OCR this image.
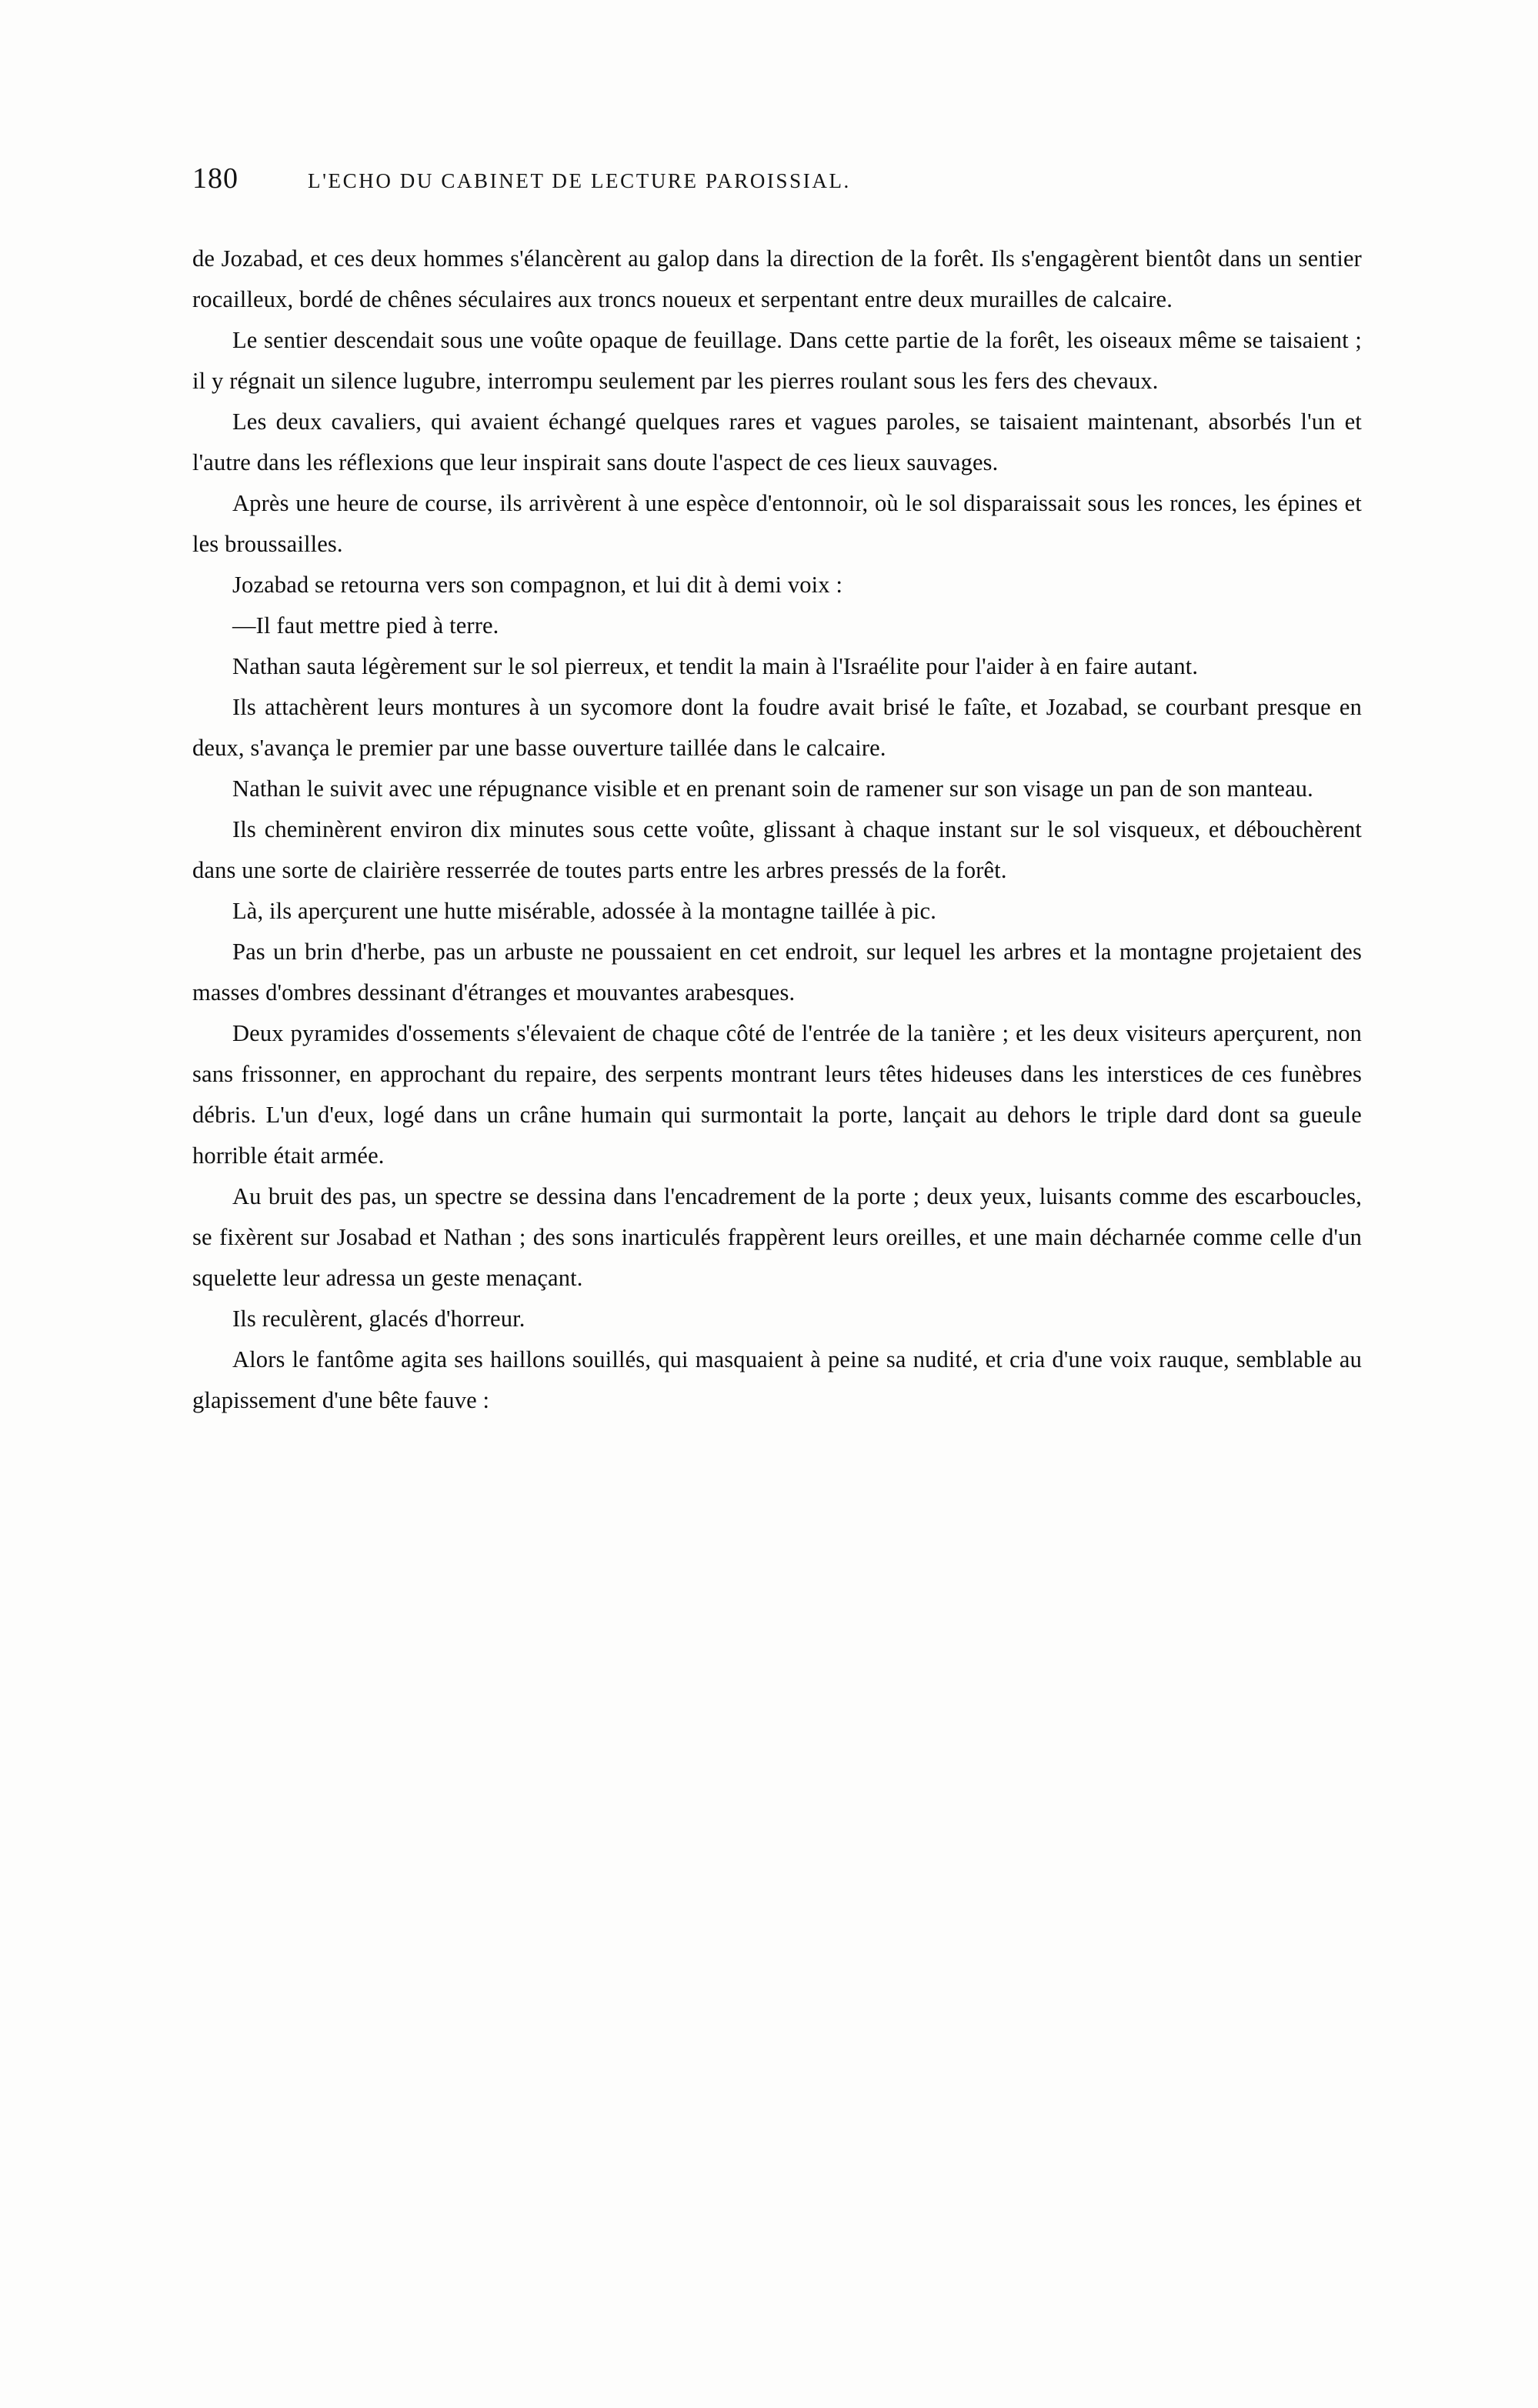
180	L'ECHO DU CABINET DE LECTURE PAROISSIAL.

de Jozabad, et ces deux hommes s'élancèrent au galop dans la direction de la forêt. Ils s'engagèrent bientôt dans un sentier rocailleux, bordé de chênes séculaires aux troncs noueux et serpentant entre deux murailles de calcaire.

Le sentier descendait sous une voûte opaque de feuillage. Dans cette partie de la forêt, les oiseaux même se taisaient ; il y régnait un silence lugubre, interrompu seulement par les pierres roulant sous les fers des chevaux.

Les deux cavaliers, qui avaient échangé quelques rares et vagues paroles, se taisaient maintenant, absorbés l'un et l'autre dans les réflexions que leur inspirait sans doute l'aspect de ces lieux sauvages.

Après une heure de course, ils arrivèrent à une espèce d'entonnoir, où le sol disparaissait sous les ronces, les épines et les broussailles.

Jozabad se retourna vers son compagnon, et lui dit à demi voix :

—Il faut mettre pied à terre.

Nathan sauta légèrement sur le sol pierreux, et tendit la main à l'Israélite pour l'aider à en faire autant.

Ils attachèrent leurs montures à un sycomore dont la foudre avait brisé le faîte, et Jozabad, se courbant presque en deux, s'avança le premier par une basse ouverture taillée dans le calcaire.

Nathan le suivit avec une répugnance visible et en prenant soin de ramener sur son visage un pan de son manteau.

Ils cheminèrent environ dix minutes sous cette voûte, glissant à chaque instant sur le sol visqueux, et débouchèrent dans une sorte de clairière resserrée de toutes parts entre les arbres pressés de la forêt.

Là, ils aperçurent une hutte misérable, adossée à la montagne taillée à pic.

Pas un brin d'herbe, pas un arbuste ne poussaient en cet endroit, sur lequel les arbres et la montagne projetaient des masses d'ombres dessinant d'étranges et mouvantes arabesques.

Deux pyramides d'ossements s'élevaient de chaque côté de l'entrée de la tanière ; et les deux visiteurs aperçurent, non sans frissonner, en approchant du repaire, des serpents montrant leurs têtes hideuses dans les interstices de ces funèbres débris. L'un d'eux, logé dans un crâne humain qui surmontait la porte, lançait au dehors le triple dard dont sa gueule horrible était armée.

Au bruit des pas, un spectre se dessina dans l'encadrement de la porte ; deux yeux, luisants comme des escarboucles, se fixèrent sur Josabad et Nathan ; des sons inarticulés frappèrent leurs oreilles, et une main décharnée comme celle d'un squelette leur adressa un geste menaçant.

Ils reculèrent, glacés d'horreur.

Alors le fantôme agita ses haillons souillés, qui masquaient à peine sa nudité, et cria d'une voix rauque, semblable au glapissement d'une bête fauve :
